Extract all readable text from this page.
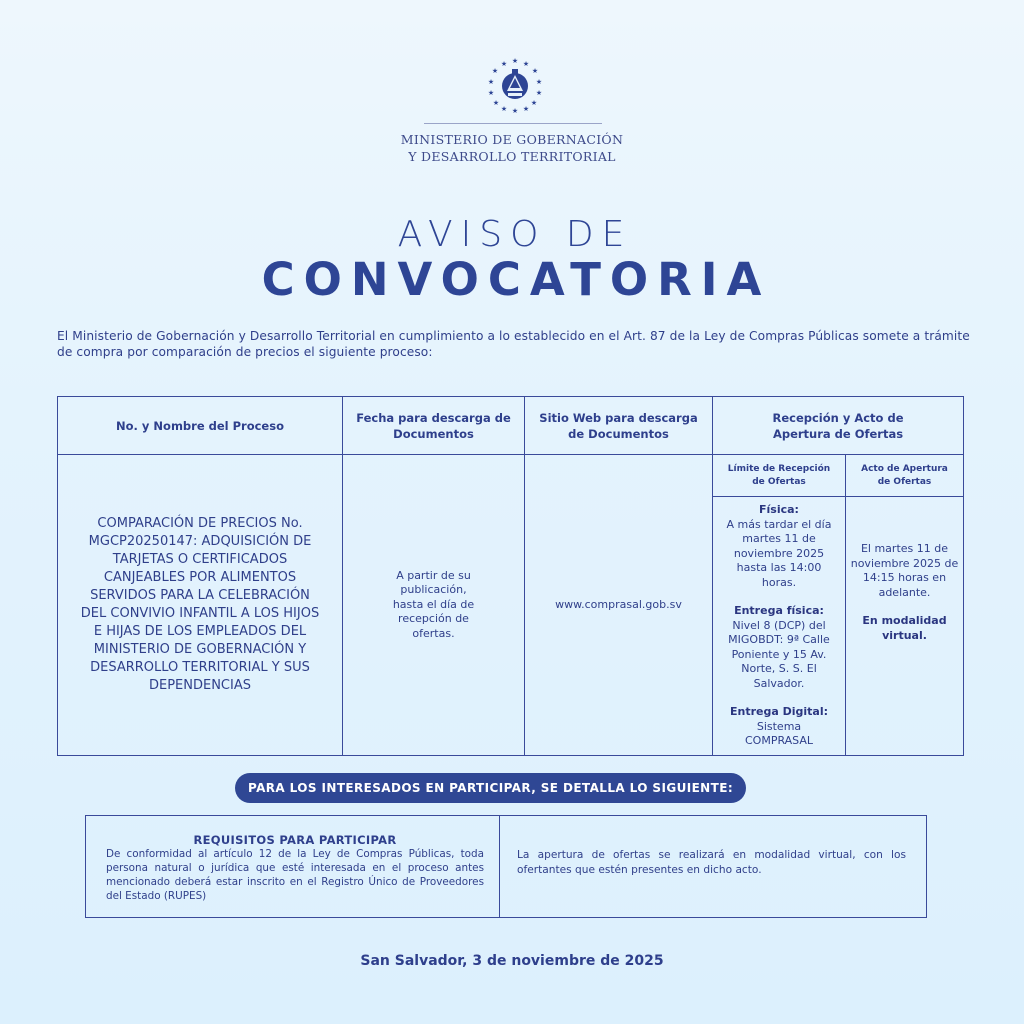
★ ★
★
★
★
★
★
★
★
★
★
★
★
★
MINISTERIO DE GOBERNACIÓN
Y DESARROLLO TERRITORIAL
AVISO DE
CONVOCATORIA
El Ministerio de Gobernación y Desarrollo Territorial en cumplimiento a lo establecido en el Art. 87 de la Ley de Compras Públicas somete a trámite de compra por comparación de precios el siguiente proceso:
No. y Nombre del Proceso
Fecha para descarga de Documentos
Sitio Web para descarga de Documentos
Recepción y Acto de Apertura de Ofertas
Límite de Recepción de Ofertas
Acto de Apertura de Ofertas
COMPARACIÓN DE PRECIOS No. MGCP20250147: ADQUISICIÓN DE TARJETAS O CERTIFICADOS CANJEABLES POR ALIMENTOS SERVIDOS PARA LA CELEBRACIÓN DEL CONVIVIO INFANTIL A LOS HIJOS E HIJAS DE LOS EMPLEADOS DEL MINISTERIO DE GOBERNACIÓN Y DESARROLLO TERRITORIAL Y SUS DEPENDENCIAS
A partir de su publicación, hasta el día de recepción de ofertas.
www.comprasal.gob.sv
Física:
A más tardar el día martes 11 de noviembre 2025 hasta las 14:00 horas.
Entrega física:
Nivel 8 (DCP) del MIGOBDT: 9ª Calle Poniente y 15 Av. Norte, S. S. El Salvador.
Entrega Digital:
Sistema COMPRASAL
El martes 11 de noviembre 2025 de 14:15 horas en adelante.
En modalidad virtual.
PARA LOS INTERESADOS EN PARTICIPAR, SE DETALLA LO SIGUIENTE:
REQUISITOS PARA PARTICIPAR
De conformidad al artículo 12 de la Ley de Compras Públicas, toda persona natural o jurídica que esté interesada en el proceso antes mencionado deberá estar inscrito en el Registro Único de Proveedores del Estado (RUPES)
La apertura de ofertas se realizará en modalidad virtual, con los ofertantes que estén presentes en dicho acto.
San Salvador, 3 de noviembre de 2025
